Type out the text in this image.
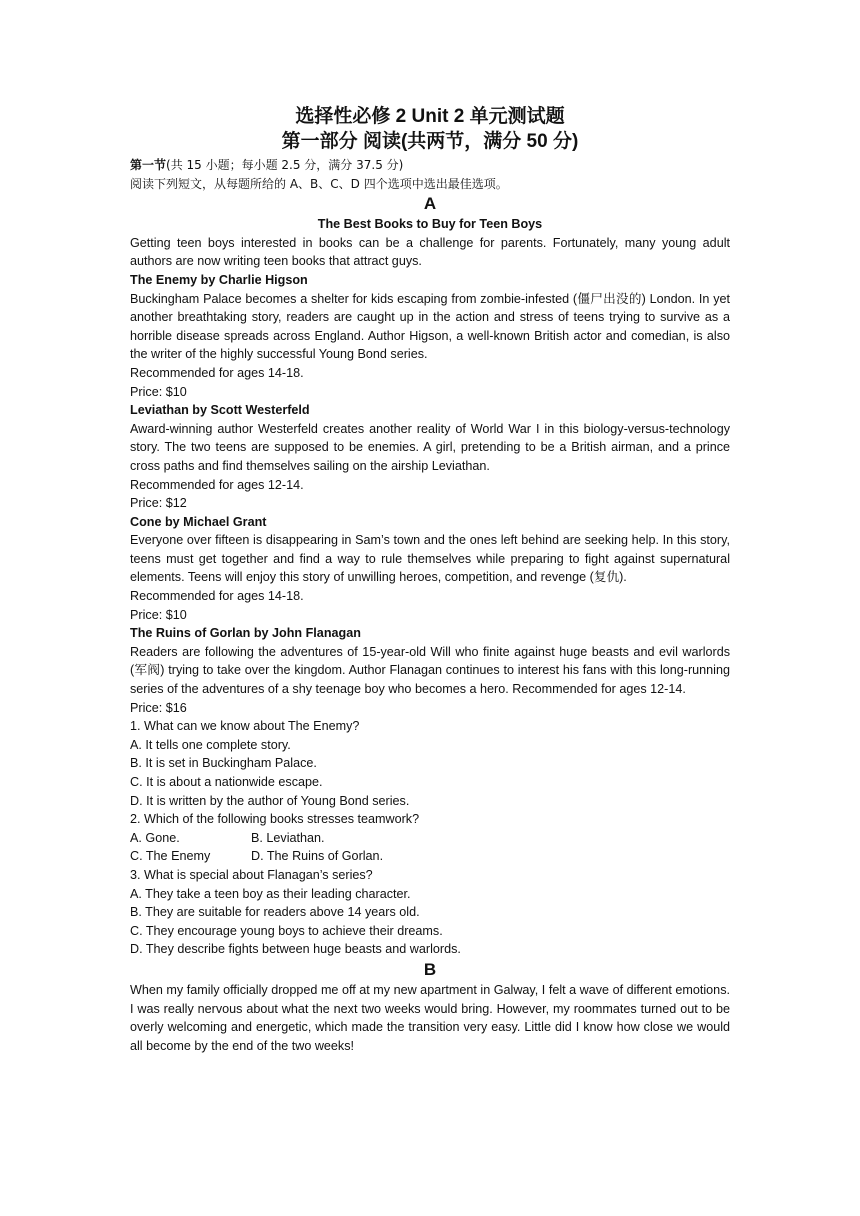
选择性必修 2 Unit 2 单元测试题
第一部分 阅读(共两节，满分 50 分)

第一节(共 15 小题；每小题 2.5 分，满分 37.5 分)

阅读下列短文，从每题所给的 A、B、C、D 四个选项中选出最佳选项。

A

The Best Books to Buy for Teen Boys

Getting teen boys interested in books can be a challenge for parents. Fortunately, many young adult authors are now writing teen books that attract guys.

The Enemy by Charlie Higson

Buckingham Palace becomes a shelter for kids escaping from zombie-infested (僵尸出没的) London. In yet another breathtaking story, readers are caught up in the action and stress of teens trying to survive as a horrible disease spreads across England. Author Higson, a well-known British actor and comedian, is also the writer of the highly successful Young Bond series.

Recommended for ages 14-18.

Price: $10

Leviathan by Scott Westerfeld

Award-winning author Westerfeld creates another reality of World War I in this biology-versus-technology story. The two teens are supposed to be enemies. A girl, pretending to be a British airman, and a prince cross paths and find themselves sailing on the airship Leviathan.

Recommended for ages 12-14.

Price: $12

Cone by Michael Grant

Everyone over fifteen is disappearing in Sam’s town and the ones left behind are seeking help. In this story, teens must get together and find a way to rule themselves while preparing to fight against supernatural elements. Teens will enjoy this story of unwilling heroes, competition, and revenge (复仇).

Recommended for ages 14-18.

Price: $10

The Ruins of Gorlan by John Flanagan

Readers are following the adventures of 15-year-old Will who finite against huge beasts and evil warlords (军阀) trying to take over the kingdom. Author Flanagan continues to interest his fans with this long-running series of the adventures of a shy teenage boy who becomes a hero. Recommended for ages 12-14.

Price: $16

1. What can we know about The Enemy?

A. It tells one complete story.

B. It is set in Buckingham Palace.

C. It is about a nationwide escape.

D. It is written by the author of Young Bond series.

2. Which of the following books stresses teamwork?

A. Gone.	B. Leviathan.
C. The Enemy	D. The Ruins of Gorlan.

3. What is special about Flanagan’s series?

A. They take a teen boy as their leading character.

B. They are suitable for readers above 14 years old.

C. They encourage young boys to achieve their dreams.

D. They describe fights between huge beasts and warlords.

B

When my family officially dropped me off at my new apartment in Galway, I felt a wave of different emotions. I was really nervous about what the next two weeks would bring. However, my roommates turned out to be overly welcoming and energetic, which made the transition very easy. Little did I know how close we would all become by the end of the two weeks!
